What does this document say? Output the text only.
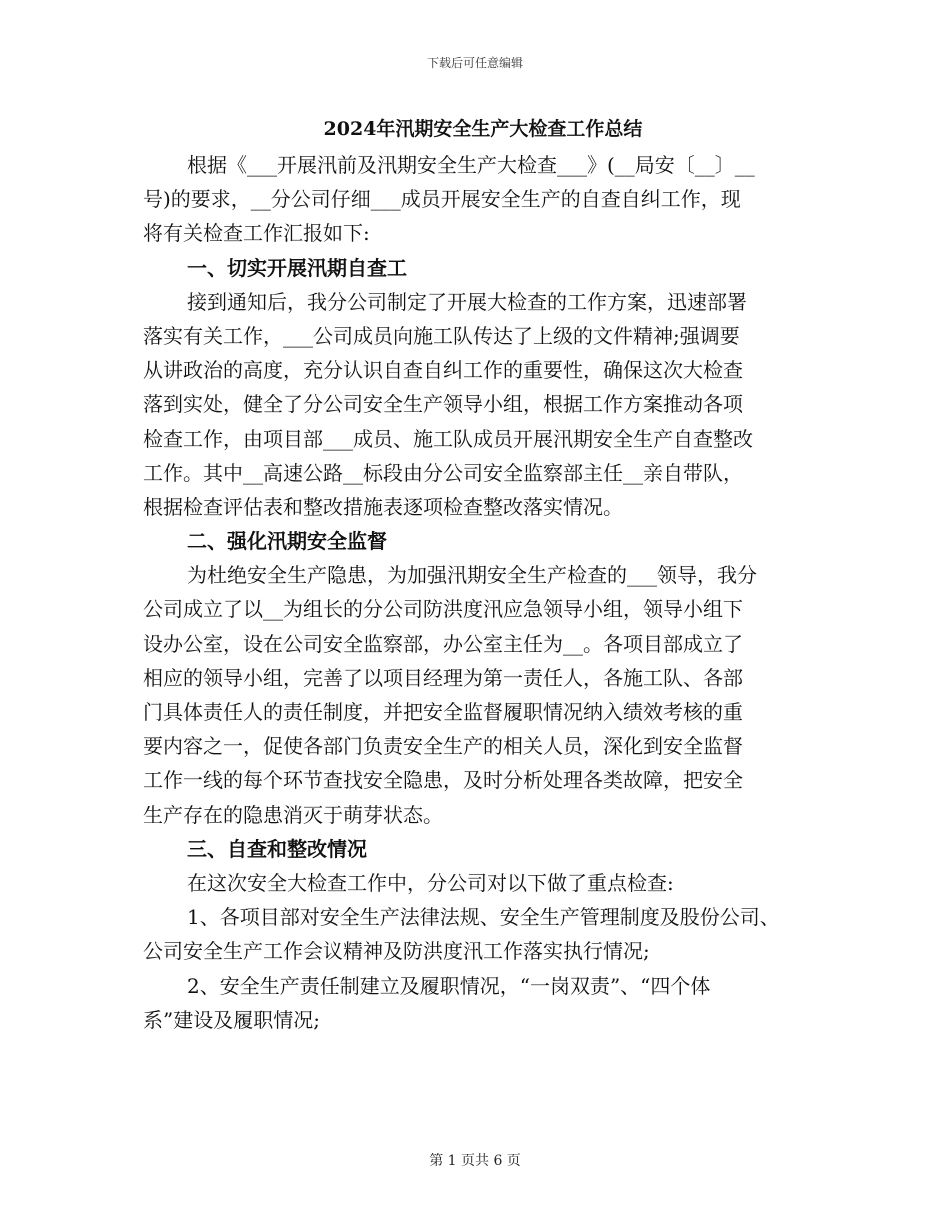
下载后可任意编辑
2024年汛期安全生产大检查工作总结
根据《___开展汛前及汛期安全生产大检查___》(__局安〔__〕__
号)的要求，__分公司仔细___成员开展安全生产的自查自纠工作，现
将有关检查工作汇报如下:
一、切实开展汛期自查工
接到通知后，我分公司制定了开展大检查的工作方案，迅速部署
落实有关工作，___公司成员向施工队传达了上级的文件精神;强调要
从讲政治的高度，充分认识自查自纠工作的重要性，确保这次大检查
落到实处，健全了分公司安全生产领导小组，根据工作方案推动各项
检查工作，由项目部___成员、施工队成员开展汛期安全生产自查整改
工作。其中__高速公路__标段由分公司安全监察部主任__亲自带队，
根据检查评估表和整改措施表逐项检查整改落实情况。
二、强化汛期安全监督
为杜绝安全生产隐患，为加强汛期安全生产检查的___领导，我分
公司成立了以__为组长的分公司防洪度汛应急领导小组，领导小组下
设办公室，设在公司安全监察部，办公室主任为__。各项目部成立了
相应的领导小组，完善了以项目经理为第一责任人，各施工队、各部
门具体责任人的责任制度，并把安全监督履职情况纳入绩效考核的重
要内容之一，促使各部门负责安全生产的相关人员，深化到安全监督
工作一线的每个环节查找安全隐患，及时分析处理各类故障，把安全
生产存在的隐患消灭于萌芽状态。
三、自查和整改情况
在这次安全大检查工作中，分公司对以下做了重点检查:
1、各项目部对安全生产法律法规、安全生产管理制度及股份公司、
公司安全生产工作会议精神及防洪度汛工作落实执行情况;
2、安全生产责任制建立及履职情况，“一岗双责”、“四个体
系”建设及履职情况;
第 1 页共 6 页
